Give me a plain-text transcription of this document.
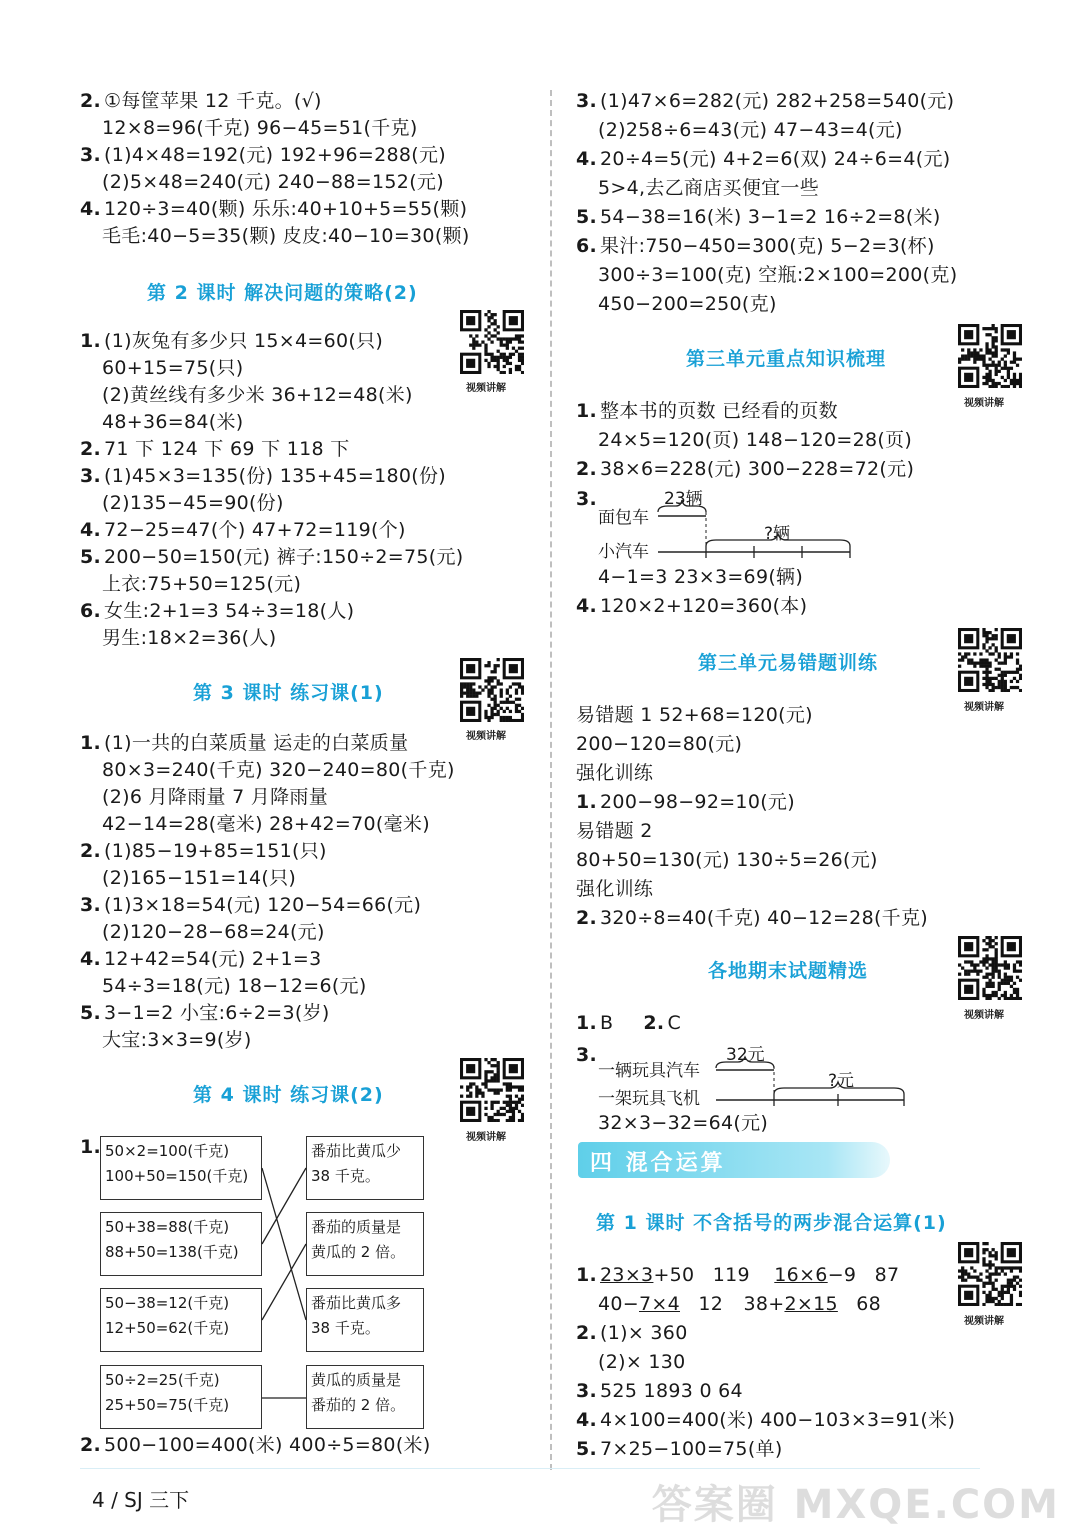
2. ①每筐苹果 12 千克。(√)
12×8=96(千克) 96−45=51(千克)
3. (1)4×48=192(元) 192+96=288(元)
(2)5×48=240(元) 240−88=152(元)
4. 120÷3=40(颗) 乐乐:40+10+5=55(颗)
毛毛:40−5=35(颗) 皮皮:40−10=30(颗)
第 2 课时 解决问题的策略(2)
视频讲解
1. (1)灰兔有多少只 15×4=60(只)
60+15=75(只)
(2)黄丝线有多少米 36+12=48(米)
48+36=84(米)
2. 71 下 124 下 69 下 118 下
3. (1)45×3=135(份) 135+45=180(份)
(2)135−45=90(份)
4. 72−25=47(个) 47+72=119(个)
5. 200−50=150(元) 裤子:150÷2=75(元)
上衣:75+50=125(元)
6. 女生:2+1=3 54÷3=18(人)
男生:18×2=36(人)
第 3 课时 练习课(1)
视频讲解
1. (1)一共的白菜质量 运走的白菜质量
80×3=240(千克) 320−240=80(千克)
(2)6 月降雨量 7 月降雨量
42−14=28(毫米) 28+42=70(毫米)
2. (1)85−19+85=151(只)
(2)165−151=14(只)
3. (1)3×18=54(元) 120−54=66(元)
(2)120−28−68=24(元)
4. 12+42=54(元) 2+1=3
54÷3=18(元) 18−12=6(元)
5. 3−1=2 小宝:6÷2=3(岁)
大宝:3×3=9(岁)
第 4 课时 练习课(2)
视频讲解
1. 50×2=100(千克)
100+50=150(千克)
50+38=88(千克)
88+50=138(千克)
50−38=12(千克)
12+50=62(千克)
50÷2=25(千克)
25+50=75(千克)
番茄比黄瓜少
38 千克。
番茄的质量是
黄瓜的 2 倍。
番茄比黄瓜多
38 千克。
黄瓜的质量是
番茄的 2 倍。
2. 500−100=400(米) 400÷5=80(米)
3. (1)47×6=282(元) 282+258=540(元)
(2)258÷6=43(元) 47−43=4(元)
4. 20÷4=5(元) 4+2=6(双) 24÷6=4(元)
5>4,去乙商店买便宜一些
5. 54−38=16(米) 3−1=2 16÷2=8(米)
6. 果汁:750−450=300(克) 5−2=3(杯)
300÷3=100(克) 空瓶:2×100=200(克)
450−200=250(克)
第三单元重点知识梳理
视频讲解
1. 整本书的页数 已经看的页数
24×5=120(页) 148−120=28(页)
2. 38×6=228(元) 300−228=72(元)
3.	23辆
面包车
小汽车
?辆
4−1=3 23×3=69(辆)
4. 120×2+120=360(本)
第三单元易错题训练
视频讲解
易错题 1 52+68=120(元)
200−120=80(元)
强化训练
1. 200−98−92=10(元)
易错题 2
80+50=130(元) 130÷5=26(元)
强化训练
2. 320÷8=40(千克) 40−12=28(千克)
各地期末试题精选
视频讲解
1. B 2. C
3.	32元
一辆玩具汽车
一架玩具飞机
?元
32×3−32=64(元)
四 混合运算
第 1 课时 不含括号的两步混合运算(1)
视频讲解
1. 23×3+50 119 16×6−9 87
40−7×4 12 38+2×15 68
2. (1)× 360
(2)× 130
3. 525 1893 0 64
4. 4×100=400(米) 400−103×3=91(米)
5. 7×25−100=75(单)
4 / SJ 三下	答案圈 MXQE.COM
